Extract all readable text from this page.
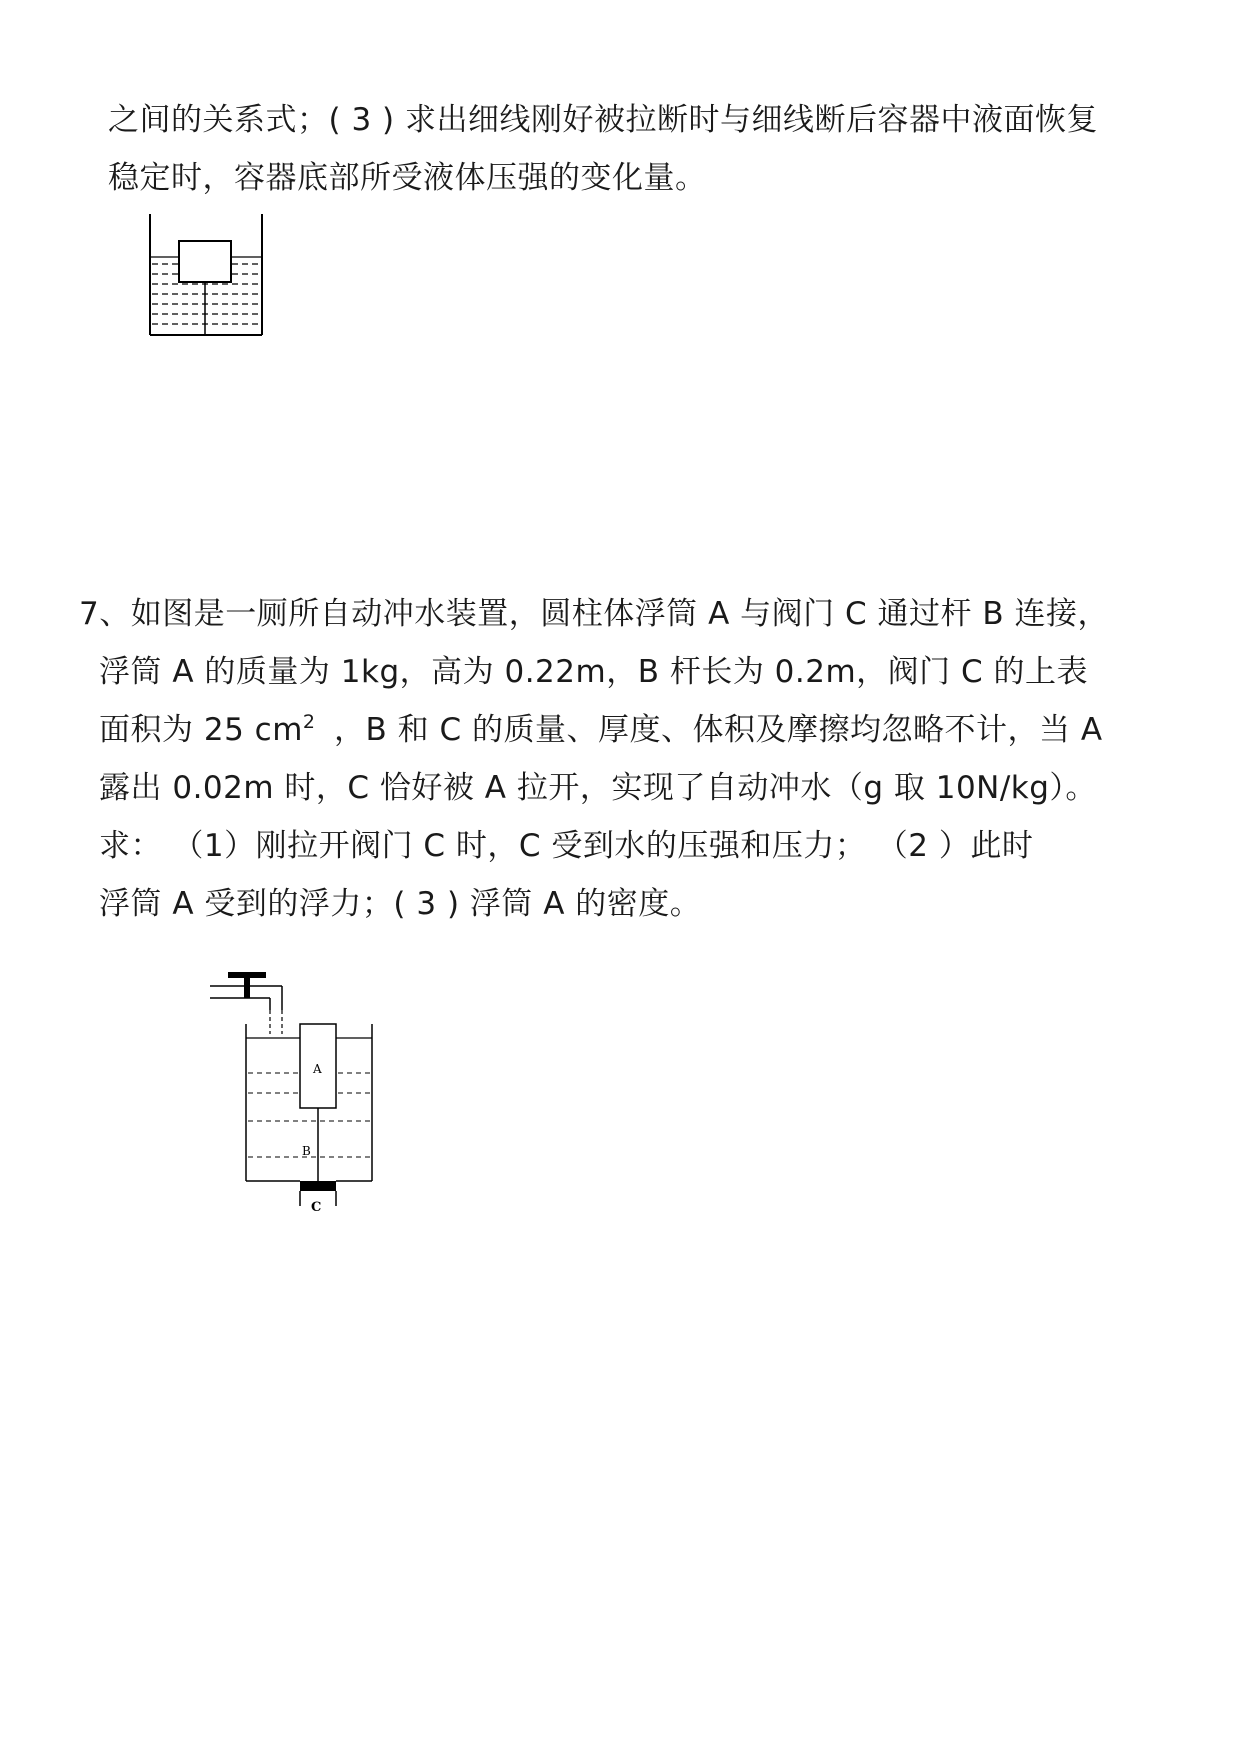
之间的关系式；( 3 ) 求出细线刚好被拉断时与细线断后容器中液面恢复
稳定时，容器底部所受液体压强的变化量。
7、如图是一厕所自动冲水装置，圆柱体浮筒 A 与阀门 C 通过杆 B 连接，
浮筒 A 的质量为 1kg，高为 0.22m，B 杆长为 0.2m，阀门 C 的上表
面积为 25 $cm^2$ ，B 和 C 的质量、厚度、体积及摩擦均忽略不计，当 A
露出 0.02m 时，C 恰好被 A 拉开，实现了自动冲水（g 取 10N/kg）。
求： （1）刚拉开阀门 C 时，C 受到水的压强和压力； （2 ）此时
浮筒 A 受到的浮力；( 3 ) 浮筒 A 的密度。
A
B
C
